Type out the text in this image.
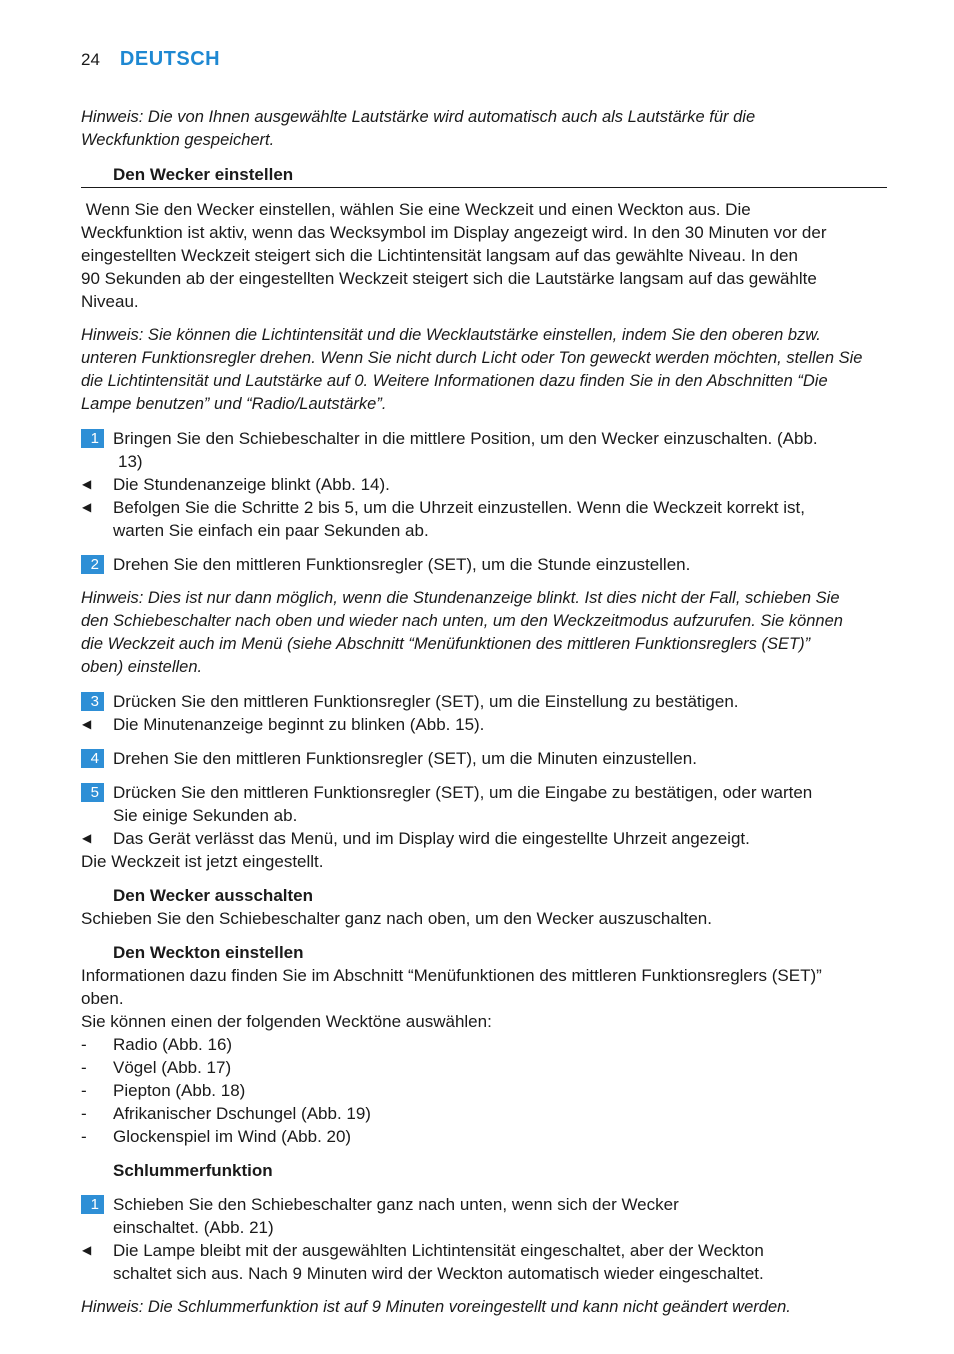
24 DEUTSCH
Hinweis: Die von Ihnen ausgewählte Lautstärke wird automatisch auch als Lautstärke für die
Weckfunktion gespeichert.
Den Wecker einstellen
Wenn Sie den Wecker einstellen, wählen Sie eine Weckzeit und einen Weckton aus. Die
Weckfunktion ist aktiv, wenn das Wecksymbol im Display angezeigt wird. In den 30 Minuten vor der
eingestellten Weckzeit steigert sich die Lichtintensität langsam auf das gewählte Niveau. In den
90 Sekunden ab der eingestellten Weckzeit steigert sich die Lautstärke langsam auf das gewählte
Niveau.
Hinweis: Sie können die Lichtintensität und die Wecklautstärke einstellen, indem Sie den oberen bzw.
unteren Funktionsregler drehen. Wenn Sie nicht durch Licht oder Ton geweckt werden möchten, stellen Sie
die Lichtintensität und Lautstärke auf 0. Weitere Informationen dazu finden Sie in den Abschnitten “Die
Lampe benutzen” und “Radio/Lautstärke”.
1 Bringen Sie den Schiebeschalter in die mittlere Position, um den Wecker einzuschalten. (Abb.
13)
◀	Die Stundenanzeige blinkt (Abb. 14).
◀	Befolgen Sie die Schritte 2 bis 5, um die Uhrzeit einzustellen. Wenn die Weckzeit korrekt ist,
warten Sie einfach ein paar Sekunden ab.
2 Drehen Sie den mittleren Funktionsregler (SET), um die Stunde einzustellen.
Hinweis: Dies ist nur dann möglich, wenn die Stundenanzeige blinkt. Ist dies nicht der Fall, schieben Sie
den Schiebeschalter nach oben und wieder nach unten, um den Weckzeitmodus aufzurufen. Sie können
die Weckzeit auch im Menü (siehe Abschnitt “Menüfunktionen des mittleren Funktionsreglers (SET)”
oben) einstellen.
3 Drücken Sie den mittleren Funktionsregler (SET), um die Einstellung zu bestätigen.
◀	Die Minutenanzeige beginnt zu blinken (Abb. 15).
4 Drehen Sie den mittleren Funktionsregler (SET), um die Minuten einzustellen.
5 Drücken Sie den mittleren Funktionsregler (SET), um die Eingabe zu bestätigen, oder warten
Sie einige Sekunden ab.
◀	Das Gerät verlässt das Menü, und im Display wird die eingestellte Uhrzeit angezeigt.
Die Weckzeit ist jetzt eingestellt.
Den Wecker ausschalten
Schieben Sie den Schiebeschalter ganz nach oben, um den Wecker auszuschalten.
Den Weckton einstellen
Informationen dazu finden Sie im Abschnitt “Menüfunktionen des mittleren Funktionsreglers (SET)”
oben.
Sie können einen der folgenden Wecktöne auswählen:
-	Radio (Abb. 16)
-	Vögel (Abb. 17)
-	Piepton (Abb. 18)
-	Afrikanischer Dschungel (Abb. 19)
-	Glockenspiel im Wind (Abb. 20)
Schlummerfunktion
1 Schieben Sie den Schiebeschalter ganz nach unten, wenn sich der Wecker
einschaltet. (Abb. 21)
◀	Die Lampe bleibt mit der ausgewählten Lichtintensität eingeschaltet, aber der Weckton
schaltet sich aus. Nach 9 Minuten wird der Weckton automatisch wieder eingeschaltet.
Hinweis: Die Schlummerfunktion ist auf 9 Minuten voreingestellt und kann nicht geändert werden.
